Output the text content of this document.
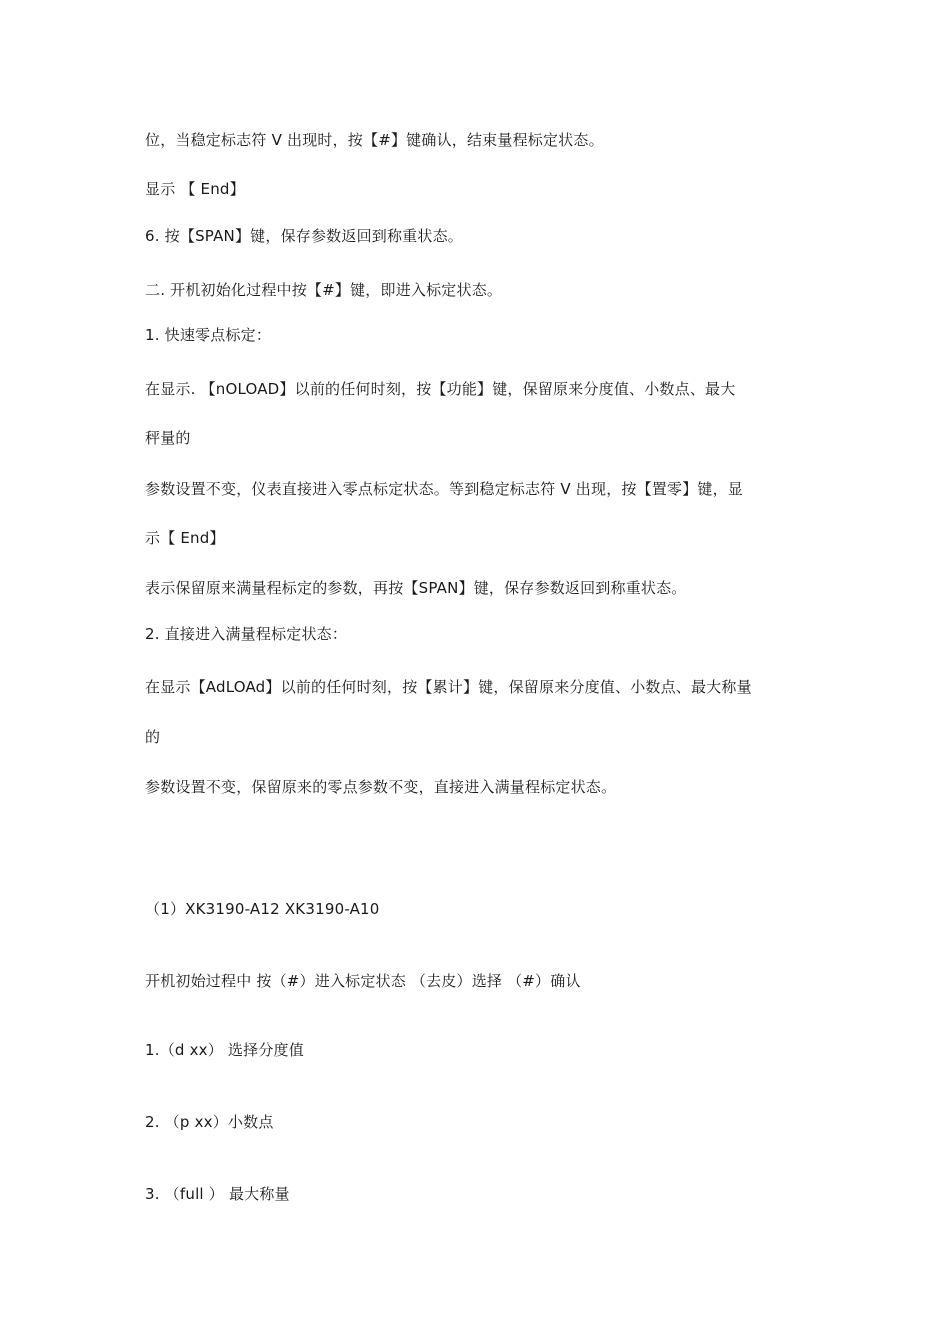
位，当稳定标志符 V 出现时，按【#】键确认，结束量程标定状态。
显示 【 End】
6. 按【SPAN】键，保存参数返回到称重状态。
二. 开机初始化过程中按【#】键，即进入标定状态。
1. 快速零点标定：
在显示. 【nOLOAD】以前的任何时刻，按【功能】键，保留原来分度值、小数点、最大
秤量的
参数设置不变，仪表直接进入零点标定状态。等到稳定标志符 V 出现，按【置零】键，显
示【 End】
表示保留原来满量程标定的参数，再按【SPAN】键，保存参数返回到称重状态。
2. 直接进入满量程标定状态：
在显示【AdLOAd】以前的任何时刻，按【累计】键，保留原来分度值、小数点、最大称量
的
参数设置不变，保留原来的零点参数不变，直接进入满量程标定状态。
（1）XK3190-A12 XK3190-A10
开机初始过程中 按（#）进入标定状态 （去皮）选择 （#）确认
1.（d xx） 选择分度值
2. （p xx）小数点
3. （full ） 最大称量
